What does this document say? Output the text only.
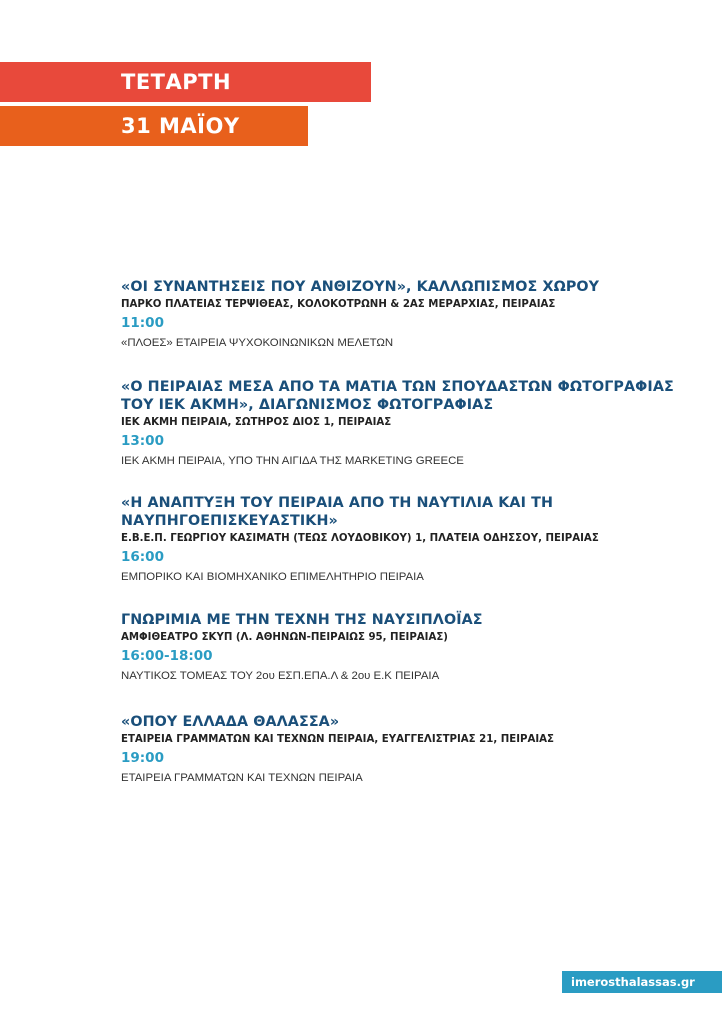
ΤΕΤΑΡΤΗ
31 ΜΑΪΟΥ
«ΟΙ ΣΥΝΑΝΤΗΣΕΙΣ ΠΟΥ ΑΝΘΙΖΟΥΝ», ΚΑΛΛΩΠΙΣΜΟΣ ΧΩΡΟΥ
ΠΑΡΚΟ ΠΛΑΤΕΙΑΣ ΤΕΡΨΙΘΕΑΣ, ΚΟΛΟΚΟΤΡΩΝΗ & 2ΑΣ ΜΕΡΑΡΧΙΑΣ, ΠΕΙΡΑΙΑΣ
11:00
«ΠΛΟΕΣ» ΕΤΑΙΡΕΙΑ ΨΥΧΟΚΟΙΝΩΝΙΚΩΝ ΜΕΛΕΤΩΝ
«Ο ΠΕΙΡΑΙΑΣ ΜΕΣΑ ΑΠΟ ΤΑ ΜΑΤΙΑ ΤΩΝ ΣΠΟΥΔΑΣΤΩΝ ΦΩΤΟΓΡΑΦΙΑΣ
ΤΟΥ ΙΕΚ ΑΚΜΗ», ΔΙΑΓΩΝΙΣΜΟΣ ΦΩΤΟΓΡΑΦΙΑΣ
ΙΕΚ ΑΚΜΗ ΠΕΙΡΑΙΑ, ΣΩΤΗΡΟΣ ΔΙΟΣ 1, ΠΕΙΡΑΙΑΣ
13:00
ΙΕΚ ΑΚΜΗ ΠΕΙΡΑΙΑ, ΥΠΟ ΤΗΝ ΑΙΓΙΔΑ ΤΗΣ MARKETING GREECE
«Η ΑΝΑΠΤΥΞΗ ΤΟΥ ΠΕΙΡΑΙΑ ΑΠΟ ΤΗ ΝΑΥΤΙΛΙΑ ΚΑΙ ΤΗ
ΝΑΥΠΗΓΟΕΠΙΣΚΕΥΑΣΤΙΚΗ»
Ε.Β.Ε.Π. ΓΕΩΡΓΙΟΥ ΚΑΣΙΜΑΤΗ (ΤΕΩΣ ΛΟΥΔΟΒΙΚΟΥ) 1, ΠΛΑΤΕΙΑ ΟΔΗΣΣΟΥ, ΠΕΙΡΑΙΑΣ
16:00
ΕΜΠΟΡΙΚΟ ΚΑΙ ΒΙΟΜΗΧΑΝΙΚΟ ΕΠΙΜΕΛΗΤΗΡΙΟ ΠΕΙΡΑΙΑ
ΓΝΩΡΙΜΙΑ ΜΕ ΤΗΝ ΤΕΧΝΗ ΤΗΣ ΝΑΥΣΙΠΛΟΪΑΣ
ΑΜΦΙΘΕΑΤΡΟ ΣΚΥΠ (Λ. ΑΘΗΝΩΝ-ΠΕΙΡΑΙΩΣ 95, ΠΕΙΡΑΙΑΣ)
16:00-18:00
ΝΑΥΤΙΚΟΣ ΤΟΜΕΑΣ ΤΟΥ 2ου ΕΣΠ.ΕΠΑ.Λ & 2ου Ε.Κ ΠΕΙΡΑΙΑ
«ΟΠΟΥ ΕΛΛΑΔΑ ΘΑΛΑΣΣΑ»
ΕΤΑΙΡΕΙΑ ΓΡΑΜΜΑΤΩΝ ΚΑΙ ΤΕΧΝΩΝ ΠΕΙΡΑΙΑ, ΕΥΑΓΓΕΛΙΣΤΡΙΑΣ 21, ΠΕΙΡΑΙΑΣ
19:00
ΕΤΑΙΡΕΙΑ ΓΡΑΜΜΑΤΩΝ ΚΑΙ ΤΕΧΝΩΝ ΠΕΙΡΑΙΑ
imerosthalassas.gr
